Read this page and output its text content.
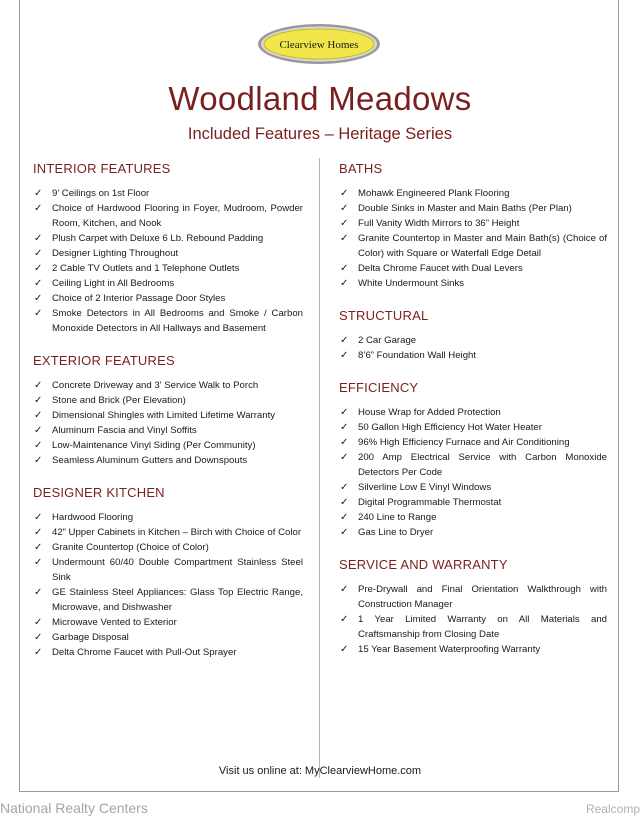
Clearview Homes
Woodland Meadows
Included Features – Heritage Series
INTERIOR FEATURES
✓ 9’ Ceilings on 1st Floor
✓ Choice of Hardwood Flooring in Foyer, Mudroom, Powder Room, Kitchen, and Nook
✓ Plush Carpet with Deluxe 6 Lb. Rebound Padding
✓ Designer Lighting Throughout
✓ 2 Cable TV Outlets and 1 Telephone Outlets
✓ Ceiling Light in All Bedrooms
✓ Choice of 2 Interior Passage Door Styles
✓ Smoke Detectors in All Bedrooms and Smoke / Carbon Monoxide Detectors in All Hallways and Basement
EXTERIOR FEATURES
✓ Concrete Driveway and 3' Service Walk to Porch
✓ Stone and Brick (Per Elevation)
✓ Dimensional Shingles with Limited Lifetime Warranty
✓ Aluminum Fascia and Vinyl Soffits
✓ Low-Maintenance Vinyl Siding (Per Community)
✓ Seamless Aluminum Gutters and Downspouts
DESIGNER KITCHEN
✓ Hardwood Flooring
✓ 42” Upper Cabinets in Kitchen – Birch with Choice of Color
✓ Granite Countertop (Choice of Color)
✓ Undermount 60/40 Double Compartment Stainless Steel Sink
✓ GE Stainless Steel Appliances: Glass Top Electric Range, Microwave, and Dishwasher
✓ Microwave Vented to Exterior
✓ Garbage Disposal
✓ Delta Chrome Faucet with Pull-Out Sprayer
BATHS
✓ Mohawk Engineered Plank Flooring
✓ Double Sinks in Master and Main Baths (Per Plan)
✓ Full Vanity Width Mirrors to 36” Height
✓ Granite Countertop in Master and Main Bath(s) (Choice of Color) with Square or Waterfall Edge Detail
✓ Delta Chrome Faucet with Dual Levers
✓ White Undermount Sinks
STRUCTURAL
✓ 2 Car Garage
✓ 8’6” Foundation Wall Height
EFFICIENCY
✓ House Wrap for Added Protection
✓ 50 Gallon High Efficiency Hot Water Heater
✓ 96% High Efficiency Furnace and Air Conditioning
✓ 200 Amp Electrical Service with Carbon Monoxide Detectors Per Code
✓ Silverline Low E Vinyl Windows
✓ Digital Programmable Thermostat
✓ 240 Line to Range
✓ Gas Line to Dryer
SERVICE AND WARRANTY
✓ Pre-Drywall and Final Orientation Walkthrough with Construction Manager
✓ 1 Year Limited Warranty on All Materials and Craftsmanship from Closing Date
✓ 15 Year Basement Waterproofing Warranty
Visit us online at: MyClearviewHome.com
National Realty Centers	Realcomp
